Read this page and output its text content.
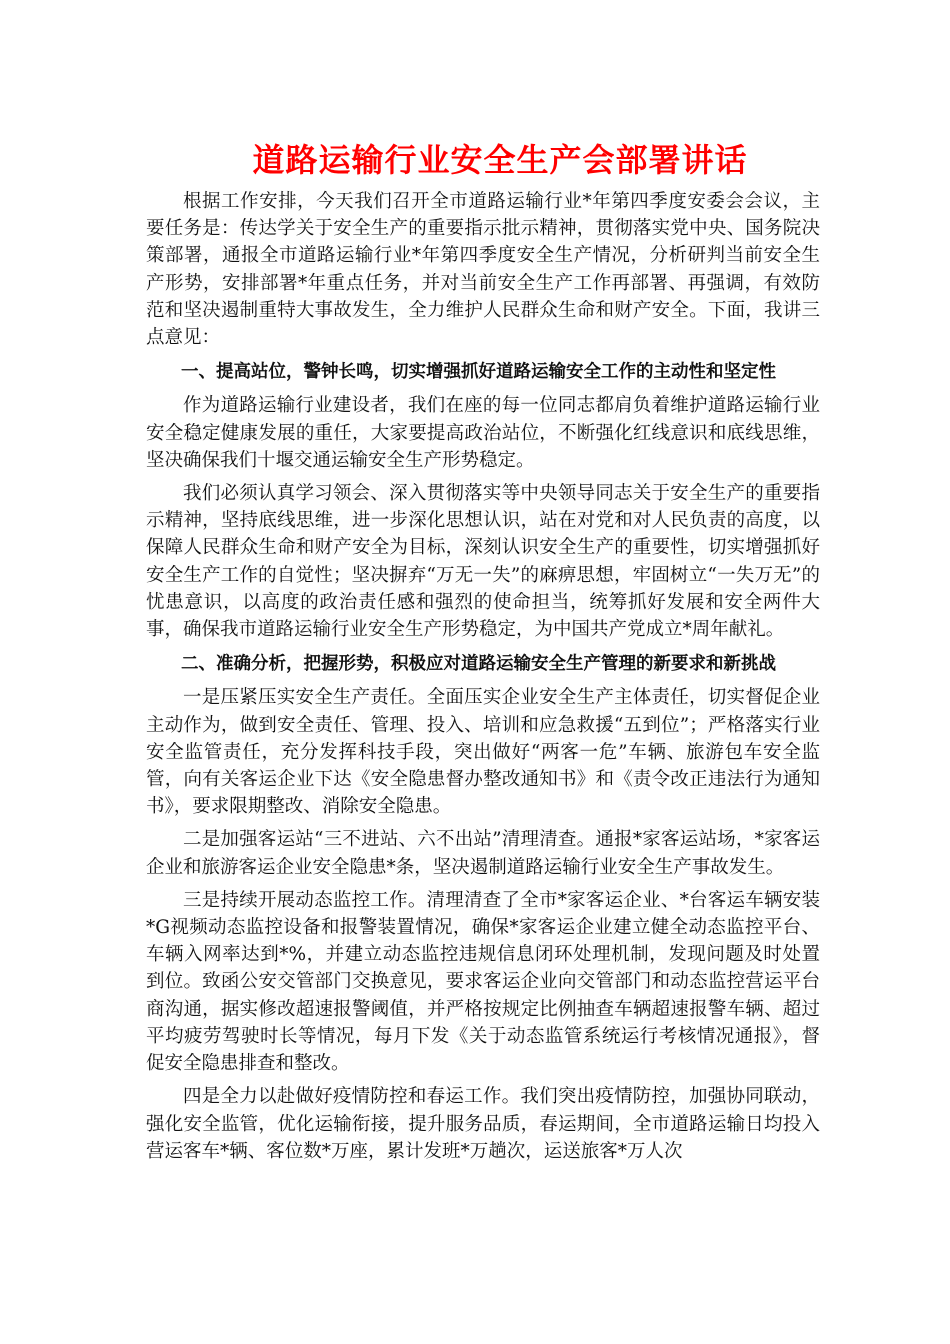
道路运输行业安全生产会部署讲话

根据工作安排，今天我们召开全市道路运输行业*年第四季度安委会会议，主要任务是：传达学关于安全生产的重要指示批示精神，贯彻落实党中央、国务院决策部署，通报全市道路运输行业*年第四季度安全生产情况，分析研判当前安全生产形势，安排部署*年重点任务，并对当前安全生产工作再部署、再强调，有效防范和坚决遏制重特大事故发生，全力维护人民群众生命和财产安全。下面，我讲三点意见：

一、提高站位，警钟长鸣，切实增强抓好道路运输安全工作的主动性和坚定性

作为道路运输行业建设者，我们在座的每一位同志都肩负着维护道路运输行业安全稳定健康发展的重任，大家要提高政治站位，不断强化红线意识和底线思维，坚决确保我们十堰交通运输安全生产形势稳定。

我们必须认真学习领会、深入贯彻落实等中央领导同志关于安全生产的重要指示精神，坚持底线思维，进一步深化思想认识，站在对党和对人民负责的高度，以保障人民群众生命和财产安全为目标，深刻认识安全生产的重要性，切实增强抓好安全生产工作的自觉性；坚决摒弃“万无一失”的麻痹思想，牢固树立“一失万无”的忧患意识，以高度的政治责任感和强烈的使命担当，统筹抓好发展和安全两件大事，确保我市道路运输行业安全生产形势稳定，为中国共产党成立*周年献礼。

二、准确分析，把握形势，积极应对道路运输安全生产管理的新要求和新挑战

一是压紧压实安全生产责任。全面压实企业安全生产主体责任，切实督促企业主动作为，做到安全责任、管理、投入、培训和应急救援“五到位”；严格落实行业安全监管责任，充分发挥科技手段，突出做好“两客一危”车辆、旅游包车安全监管，向有关客运企业下达《安全隐患督办整改通知书》和《责令改正违法行为通知书》，要求限期整改、消除安全隐患。

二是加强客运站“三不进站、六不出站”清理清查。通报*家客运站场，*家客运企业和旅游客运企业安全隐患*条，坚决遏制道路运输行业安全生产事故发生。

三是持续开展动态监控工作。清理清查了全市*家客运企业、*台客运车辆安装*G视频动态监控设备和报警装置情况，确保*家客运企业建立健全动态监控平台、车辆入网率达到*%，并建立动态监控违规信息闭环处理机制，发现问题及时处置到位。致函公安交管部门交换意见，要求客运企业向交管部门和动态监控营运平台商沟通，据实修改超速报警阈值，并严格按规定比例抽查车辆超速报警车辆、超过平均疲劳驾驶时长等情况，每月下发《关于动态监管系统运行考核情况通报》，督促安全隐患排查和整改。

四是全力以赴做好疫情防控和春运工作。我们突出疫情防控，加强协同联动，强化安全监管，优化运输衔接，提升服务品质，春运期间，全市道路运输日均投入营运客车*辆、客位数*万座，累计发班*万趟次，运送旅客*万人次
